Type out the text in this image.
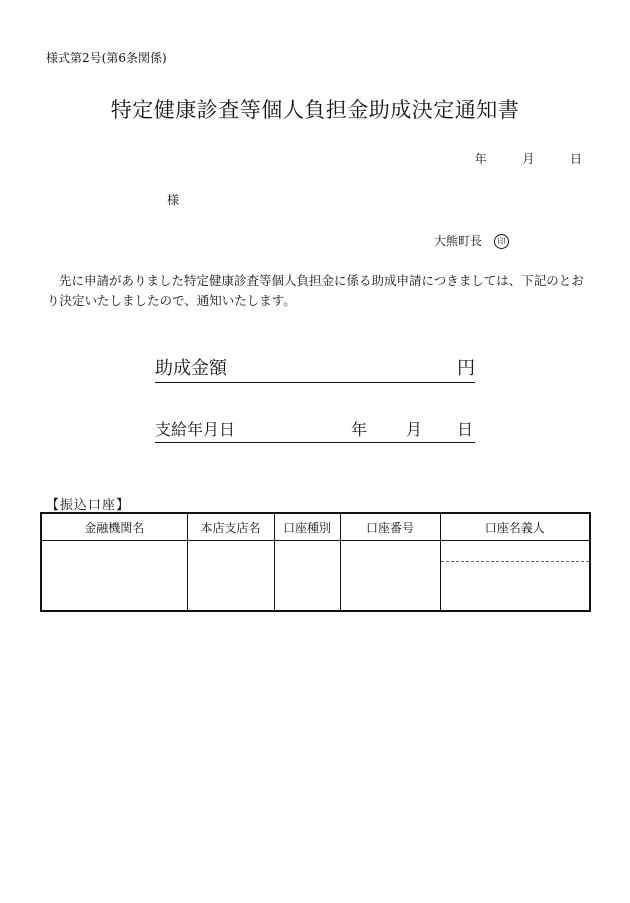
様式第2号(第6条関係)
特定健康診査等個人負担金助成決定通知書
年	月	日
様
大熊町長 印
先に申請がありました特定健康診査等個人負担金に係る助成申請につきましては、下記のとおり決定いたしましたので、通知いたします。
助成金額	円
支給年月日	年 月 日
【振込口座】
金融機関名	本店支店名	口座種別	口座番号	口座名義人
